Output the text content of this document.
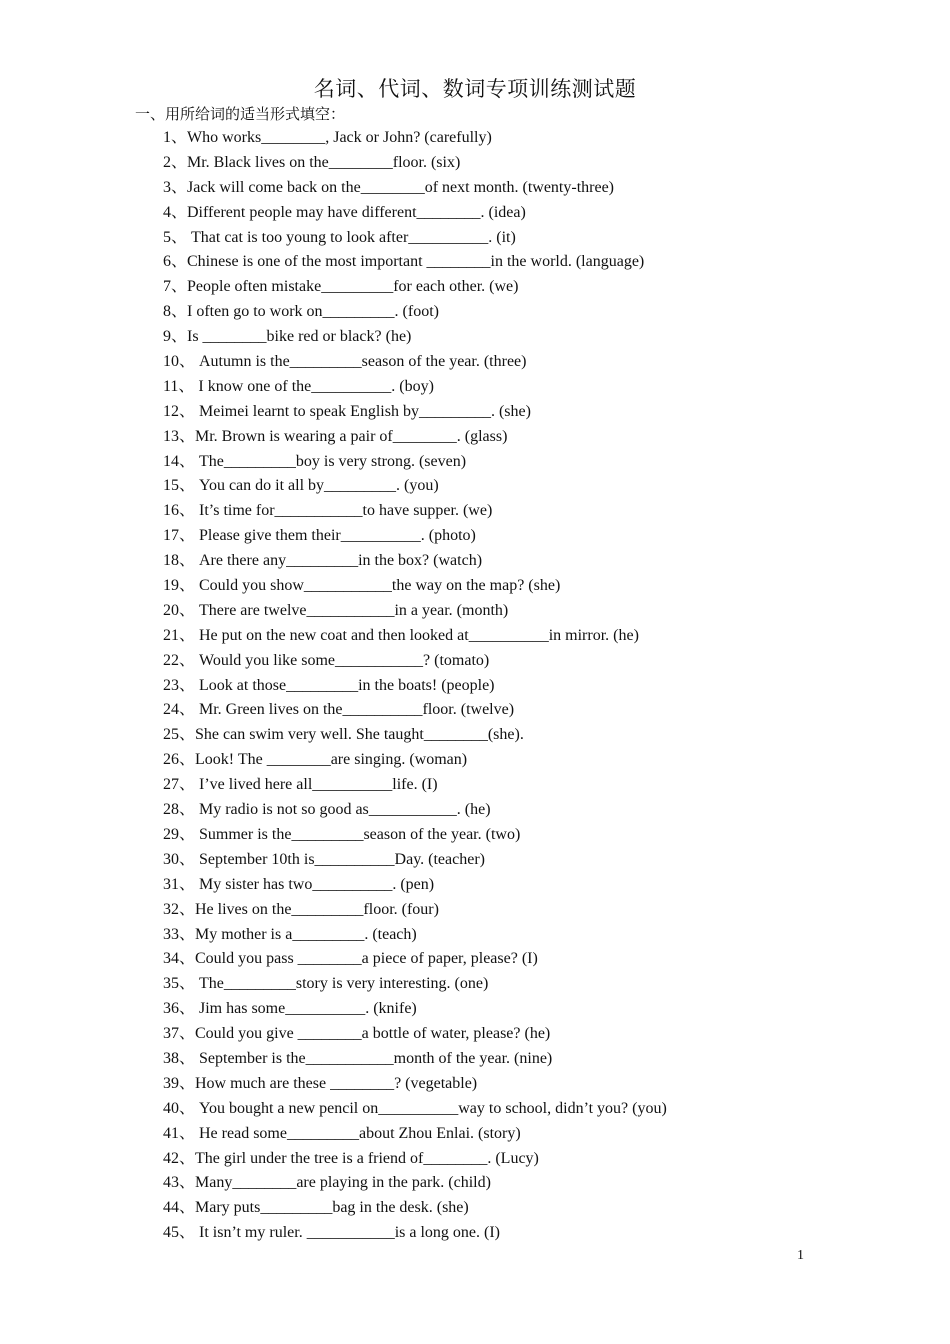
名词、代词、数词专项训练测试题
一、用所给词的适当形式填空：
1、Who works________, Jack or John? (carefully)
2、Mr. Black lives on the________floor. (six)
3、Jack will come back on the________of next month. (twenty-three)
4、Different people may have different________. (idea)
5、 That cat is too young to look after__________. (it)
6、Chinese is one of the most important ________in the world. (language)
7、People often mistake_________for each other. (we)
8、I often go to work on_________. (foot)
9、Is ________bike red or black? (he)
10、 Autumn is the_________season of the year. (three)
11、 I know one of the__________. (boy)
12、 Meimei learnt to speak English by_________. (she)
13、Mr. Brown is wearing a pair of________. (glass)
14、 The_________boy is very strong. (seven)
15、 You can do it all by_________. (you)
16、 It’s time for___________to have supper. (we)
17、 Please give them their__________. (photo)
18、 Are there any_________in the box? (watch)
19、 Could you show___________the way on the map? (she)
20、 There are twelve___________in a year. (month)
21、 He put on the new coat and then looked at__________in mirror. (he)
22、 Would you like some___________? (tomato)
23、 Look at those_________in the boats! (people)
24、 Mr. Green lives on the__________floor. (twelve)
25、She can swim very well. She taught________(she).
26、Look! The ________are singing. (woman)
27、 I’ve lived here all__________life. (I)
28、 My radio is not so good as___________. (he)
29、 Summer is the_________season of the year. (two)
30、 September 10th is__________Day. (teacher)
31、 My sister has two__________. (pen)
32、He lives on the_________floor. (four)
33、My mother is a_________. (teach)
34、Could you pass ________a piece of paper, please? (I)
35、 The_________story is very interesting. (one)
36、 Jim has some__________. (knife)
37、Could you give ________a bottle of water, please? (he)
38、 September is the___________month of the year. (nine)
39、How much are these ________? (vegetable)
40、 You bought a new pencil on__________way to school, didn’t you? (you)
41、 He read some_________about Zhou Enlai. (story)
42、The girl under the tree is a friend of________. (Lucy)
43、Many________are playing in the park. (child)
44、Mary puts_________bag in the desk. (she)
45、 It isn’t my ruler. ___________is a long one. (I)
1
